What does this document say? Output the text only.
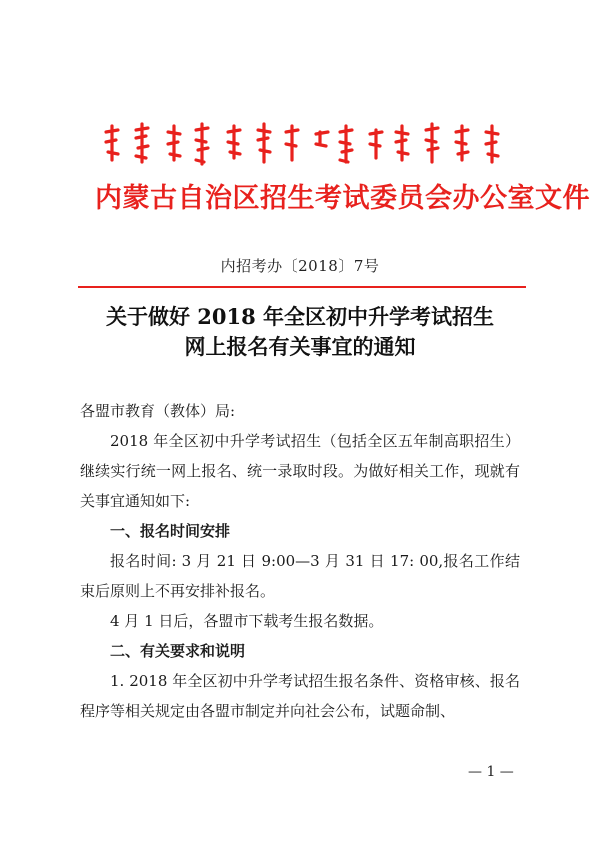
内蒙古自治区招生考试委员会办公室文件
内招考办〔2018〕7号
关于做好 2018 年全区初中升学考试招生
网上报名有关事宜的通知

各盟市教育（教体）局:

2018 年全区初中升学考试招生（包括全区五年制高职招生）继续实行统一网上报名、统一录取时段。为做好相关工作，现就有关事宜通知如下:

一、报名时间安排

报名时间: 3 月 21 日 9:00—3 月 31 日 17: 00,报名工作结束后原则上不再安排补报名。

4 月 1 日后，各盟市下载考生报名数据。

二、有关要求和说明

1. 2018 年全区初中升学考试招生报名条件、资格审核、报名程序等相关规定由各盟市制定并向社会公布，试题命制、

— 1 —
